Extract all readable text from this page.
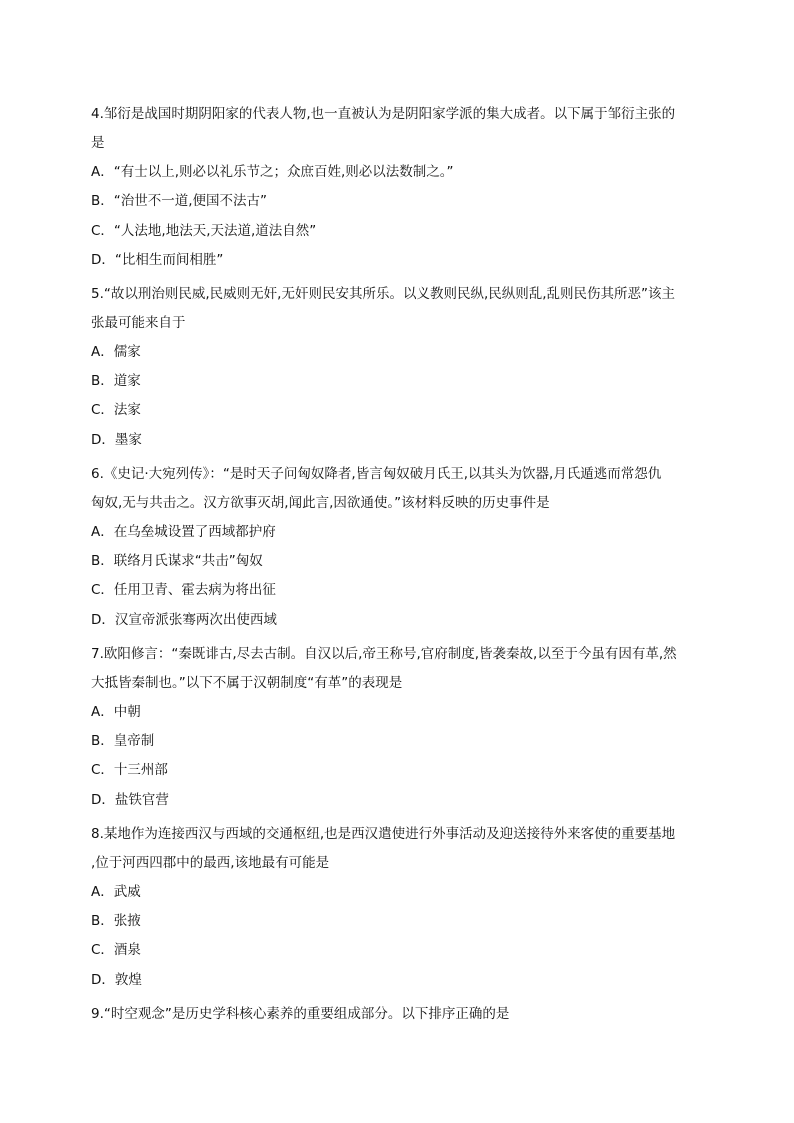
4.邹衍是战国时期阴阳家的代表人物,也一直被认为是阴阳家学派的集大成者。以下属于邹衍主张的
是
A．“有士以上,则必以礼乐节之；众庶百姓,则必以法数制之。”
B．“治世不一道,便国不法古”
C．“人法地,地法天,天法道,道法自然”
D．“比相生而间相胜”
5.“故以刑治则民威,民威则无奸,无奸则民安其所乐。以义教则民纵,民纵则乱,乱则民伤其所恶”该主
张最可能来自于
A．儒家
B．道家
C．法家
D．墨家
6.《史记·大宛列传》：“是时天子问匈奴降者,皆言匈奴破月氏王,以其头为饮器,月氏遁逃而常怨仇
匈奴,无与共击之。汉方欲事灭胡,闻此言,因欲通使。”该材料反映的历史事件是
A．在乌垒城设置了西域都护府
B．联络月氏谋求“共击”匈奴
C．任用卫青、霍去病为将出征
D．汉宣帝派张骞两次出使西域
7.欧阳修言：“秦既诽古,尽去古制。自汉以后,帝王称号,官府制度,皆袭秦故,以至于今虽有因有革,然
大抵皆秦制也。”以下不属于汉朝制度“有革”的表现是
A．中朝
B．皇帝制
C．十三州部
D．盐铁官营
8.某地作为连接西汉与西域的交通枢纽,也是西汉遣使进行外事活动及迎送接待外来客使的重要基地
,位于河西四郡中的最西,该地最有可能是
A．武威
B．张掖
C．酒泉
D．敦煌
9.“时空观念”是历史学科核心素养的重要组成部分。以下排序正确的是
